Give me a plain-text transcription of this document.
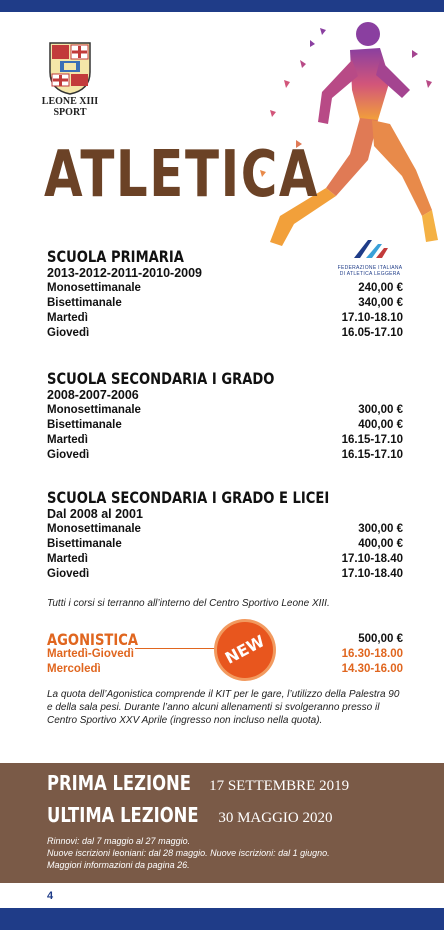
LEONE XIII
SPORT
FEDERAZIONE ITALIANA
DI ATLETICA LEGGERA
ATLETICA
SCUOLA PRIMARIA
2013-2012-2011-2010-2009
Monosettimanale	240,00 €
Bisettimanale	340,00 €
Martedì	17.10-18.10
Giovedì	16.05-17.10
SCUOLA SECONDARIA I GRADO
2008-2007-2006
Monosettimanale	300,00 €
Bisettimanale	400,00 €
Martedì	16.15-17.10
Giovedì	16.15-17.10
SCUOLA SECONDARIA I GRADO E LICEI
Dal 2008 al 2001
Monosettimanale	300,00 €
Bisettimanale	400,00 €
Martedì	17.10-18.40
Giovedì	17.10-18.40
Tutti i corsi si terranno all’interno del Centro Sportivo Leone XIII.
AGONISTICA	500,00 €
Martedì-Giovedì	16.30-18.00
Mercoledì	14.30-16.00
NEW
La quota dell’Agonistica comprende il KIT per le gare, l’utilizzo della Palestra 90 e della sala pesi. Durante l’anno alcuni allenamenti si svolgeranno presso il Centro Sportivo XXV Aprile (ingresso non incluso nella quota).
PRIMA LEZIONE 17 SETTEMBRE 2019
ULTIMA LEZIONE 30 MAGGIO 2020
Rinnovi: dal 7 maggio al 27 maggio.
Nuove iscrizioni leoniani: dal 28 maggio. Nuove iscrizioni: dal 1 giugno.
Maggiori informazioni da pagina 26.
4
